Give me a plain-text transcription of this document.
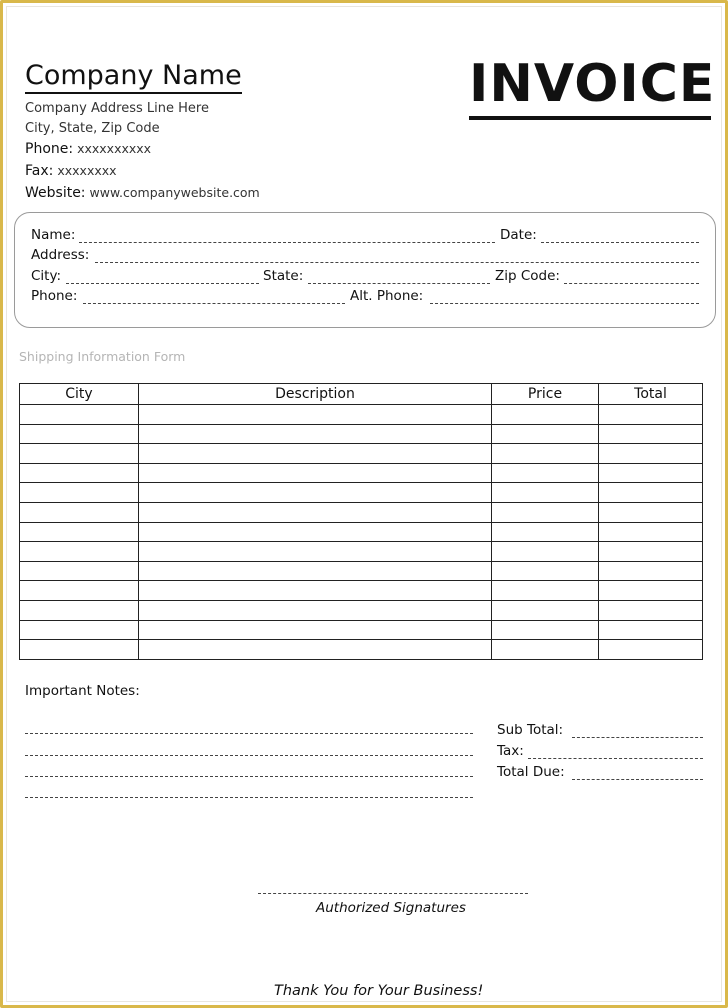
Company Name
Company Address Line Here
City, State, Zip Code
Phone: xxxxxxxxxx
Fax: xxxxxxxx
Website: www.companywebsite.com
INVOICE
Name:	Date:
Address:
City:	State:	Zip Code:
Phone:	Alt. Phone:
Shipping Information Form
City	Description	Price	Total

Important Notes:
Sub Total:
Tax:
Total Due:
Authorized Signatures
Thank You for Your Business!
